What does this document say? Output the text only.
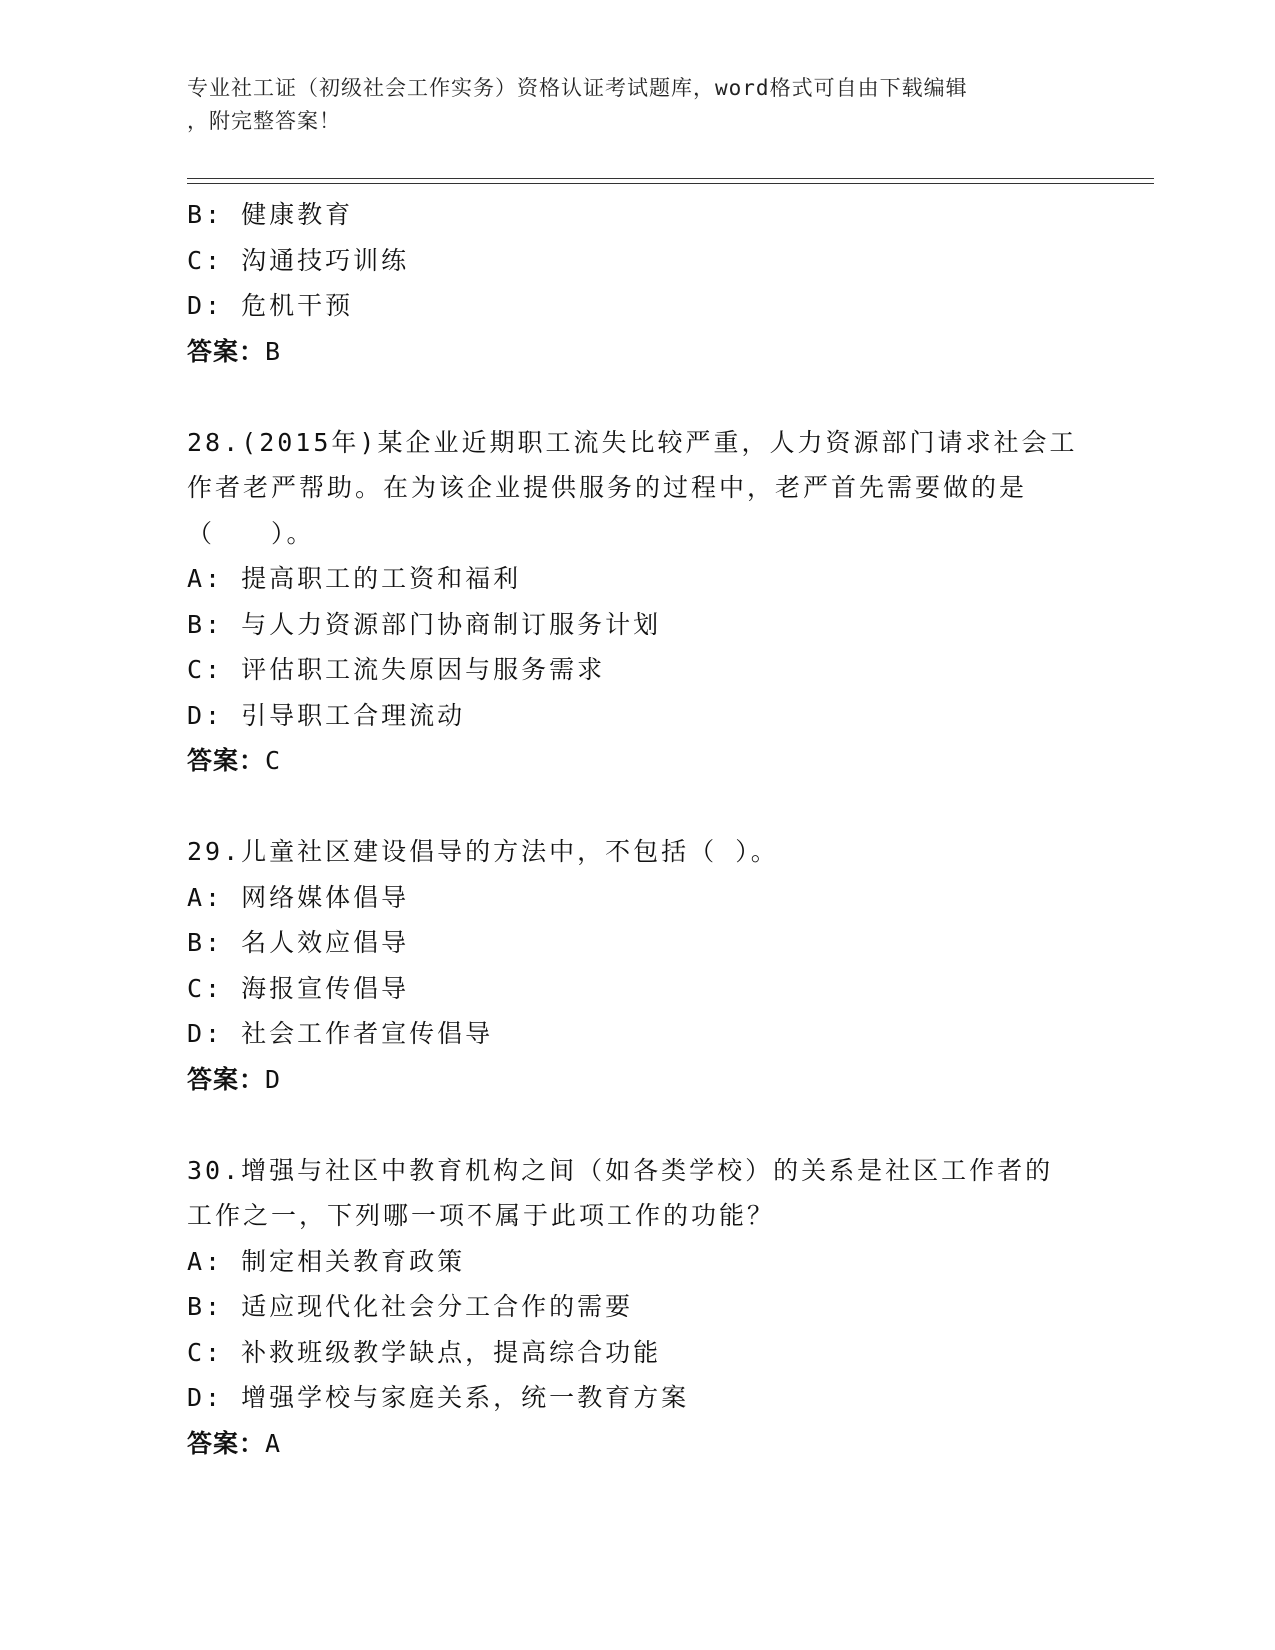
专业社工证（初级社会工作实务）资格认证考试题库，word格式可自由下载编辑
，附完整答案！
B: 健康教育
C: 沟通技巧训练
D: 危机干预
答案：B
28.(2015年)某企业近期职工流失比较严重，人力资源部门请求社会工
作者老严帮助。在为该企业提供服务的过程中，老严首先需要做的是
（　　）。
A: 提高职工的工资和福利
B: 与人力资源部门协商制订服务计划
C: 评估职工流失原因与服务需求
D: 引导职工合理流动
答案：C
29.儿童社区建设倡导的方法中，不包括（ ）。
A: 网络媒体倡导
B: 名人效应倡导
C: 海报宣传倡导
D: 社会工作者宣传倡导
答案：D
30.增强与社区中教育机构之间（如各类学校）的关系是社区工作者的
工作之一，下列哪一项不属于此项工作的功能？
A: 制定相关教育政策
B: 适应现代化社会分工合作的需要
C: 补救班级教学缺点，提高综合功能
D: 增强学校与家庭关系，统一教育方案
答案：A
